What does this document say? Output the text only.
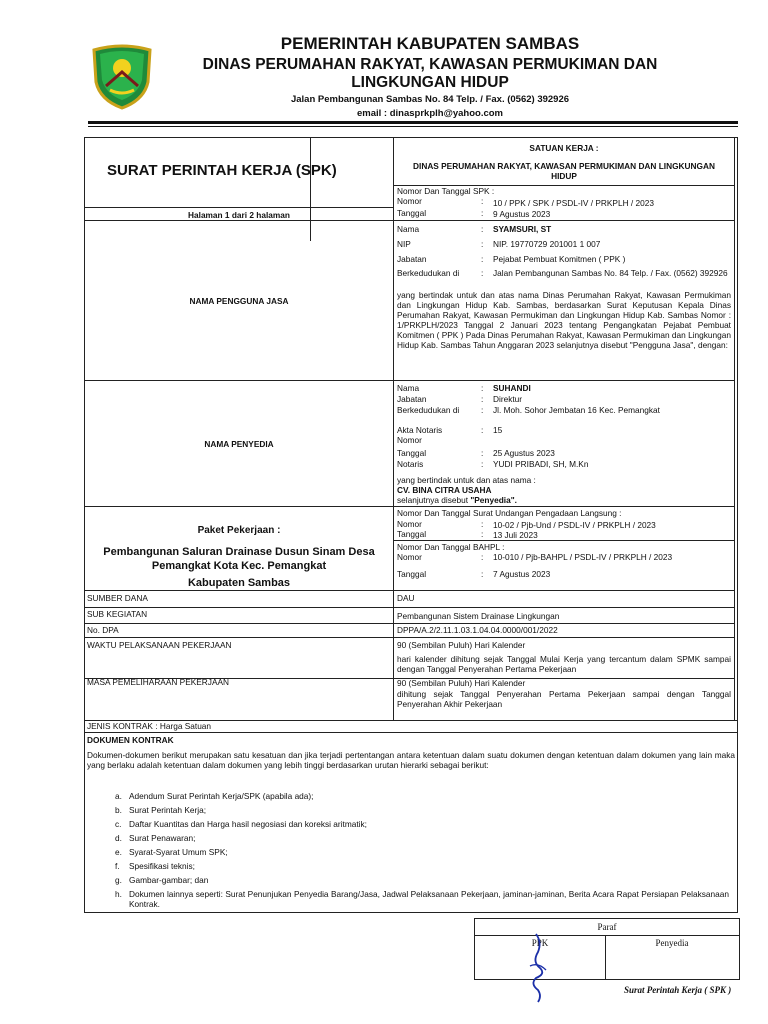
PEMERINTAH KABUPATEN SAMBAS
DINAS PERUMAHAN RAKYAT, KAWASAN PERMUKIMAN DAN LINGKUNGAN HIDUP
Jalan Pembangunan Sambas No. 84 Telp. / Fax. (0562) 392926
email : dinasprkplh@yahoo.com
SURAT PERINTAH KERJA (SPK)
Halaman 1 dari 2 halaman
SATUAN KERJA :
DINAS PERUMAHAN RAKYAT, KAWASAN PERMUKIMAN DAN LINGKUNGAN HIDUP
Nomor Dan Tanggal SPK :
Nomor	: 10 / PPK / SPK / PSDL-IV / PRKPLH / 2023
Tanggal	: 9 Agustus 2023
NAMA PENGGUNA JASA
Nama	: SYAMSURI, ST
NIP	: NIP. 19770729 201001 1 007
Jabatan	: Pejabat Pembuat Komitmen ( PPK )
Berkedudukan di	: Jalan Pembangunan Sambas No. 84 Telp. / Fax. (0562) 392926
yang bertindak untuk dan atas nama Dinas Perumahan Rakyat, Kawasan Permukiman dan Lingkungan Hidup Kab. Sambas, berdasarkan Surat Keputusan Kepala Dinas Perumahan Rakyat, Kawasan Permukiman dan Lingkungan Hidup Kab. Sambas Nomor : 1/PRKPLH/2023 Tanggal 2 Januari 2023 tentang Pengangkatan Pejabat Pembuat Komitmen ( PPK ) Pada Dinas Perumahan Rakyat, Kawasan Permukiman dan Lingkungan Hidup Kab. Sambas Tahun Anggaran 2023 selanjutnya disebut "Pengguna Jasa", dengan:
NAMA PENYEDIA
Nama	: SUHANDI
Jabatan	: Direktur
Berkedudukan di	: Jl. Moh. Sohor Jembatan 16 Kec. Pemangkat
Akta Notaris	: 15
Nomor
Tanggal	: 25 Agustus 2023
Notaris	: YUDI PRIBADI, SH, M.Kn
yang bertindak untuk dan atas nama :
CV. BINA CITRA USAHA
selanjutnya disebut "Penyedia".
Paket Pekerjaan :
Pembangunan Saluran Drainase Dusun Sinam Desa Pemangkat Kota Kec. Pemangkat
Kabupaten Sambas
Nomor Dan Tanggal Surat Undangan Pengadaan Langsung :
Nomor	: 10-02 / Pjb-Und / PSDL-IV / PRKPLH / 2023
Tanggal	: 13 Juli 2023
Nomor Dan Tanggal BAHPL :
Nomor	: 10-010 / Pjb-BAHPL / PSDL-IV / PRKPLH / 2023
Tanggal	: 7 Agustus 2023
SUMBER DANA	DAU
SUB KEGIATAN	Pembangunan Sistem Drainase Lingkungan
No. DPA	DPPA/A.2/2.11.1.03.1.04.04.0000/001/2022
WAKTU PELAKSANAAN PEKERJAAN	90 (Sembilan Puluh) Hari Kalender
hari kalender dihitung sejak Tanggal Mulai Kerja yang tercantum dalam SPMK sampai dengan Tanggal Penyerahan Pertama Pekerjaan
MASA PEMELIHARAAN PEKERJAAN	90 (Sembilan Puluh) Hari Kalender
dihitung sejak Tanggal Penyerahan Pertama Pekerjaan sampai dengan Tanggal Penyerahan Akhir Pekerjaan
JENIS KONTRAK : Harga Satuan
DOKUMEN KONTRAK
Dokumen-dokumen berikut merupakan satu kesatuan dan jika terjadi pertentangan antara ketentuan dalam suatu dokumen dengan ketentuan dalam dokumen yang lain maka yang berlaku adalah ketentuan dalam dokumen yang lebih tinggi berdasarkan urutan hierarki sebagai berikut:
a. Adendum Surat Perintah Kerja/SPK (apabila ada);
b. Surat Perintah Kerja;
c. Daftar Kuantitas dan Harga hasil negosiasi dan koreksi aritmatik;
d. Surat Penawaran;
e. Syarat-Syarat Umum SPK;
f. Spesifikasi teknis;
g. Gambar-gambar; dan
h. Dokumen lainnya seperti: Surat Penunjukan Penyedia Barang/Jasa, Jadwal Pelaksanaan Pekerjaan, jaminan-jaminan, Berita Acara Rapat Persiapan Pelaksanaan Kontrak.
Paraf
PPK	Penyedia
Surat Perintah Kerja ( SPK )
